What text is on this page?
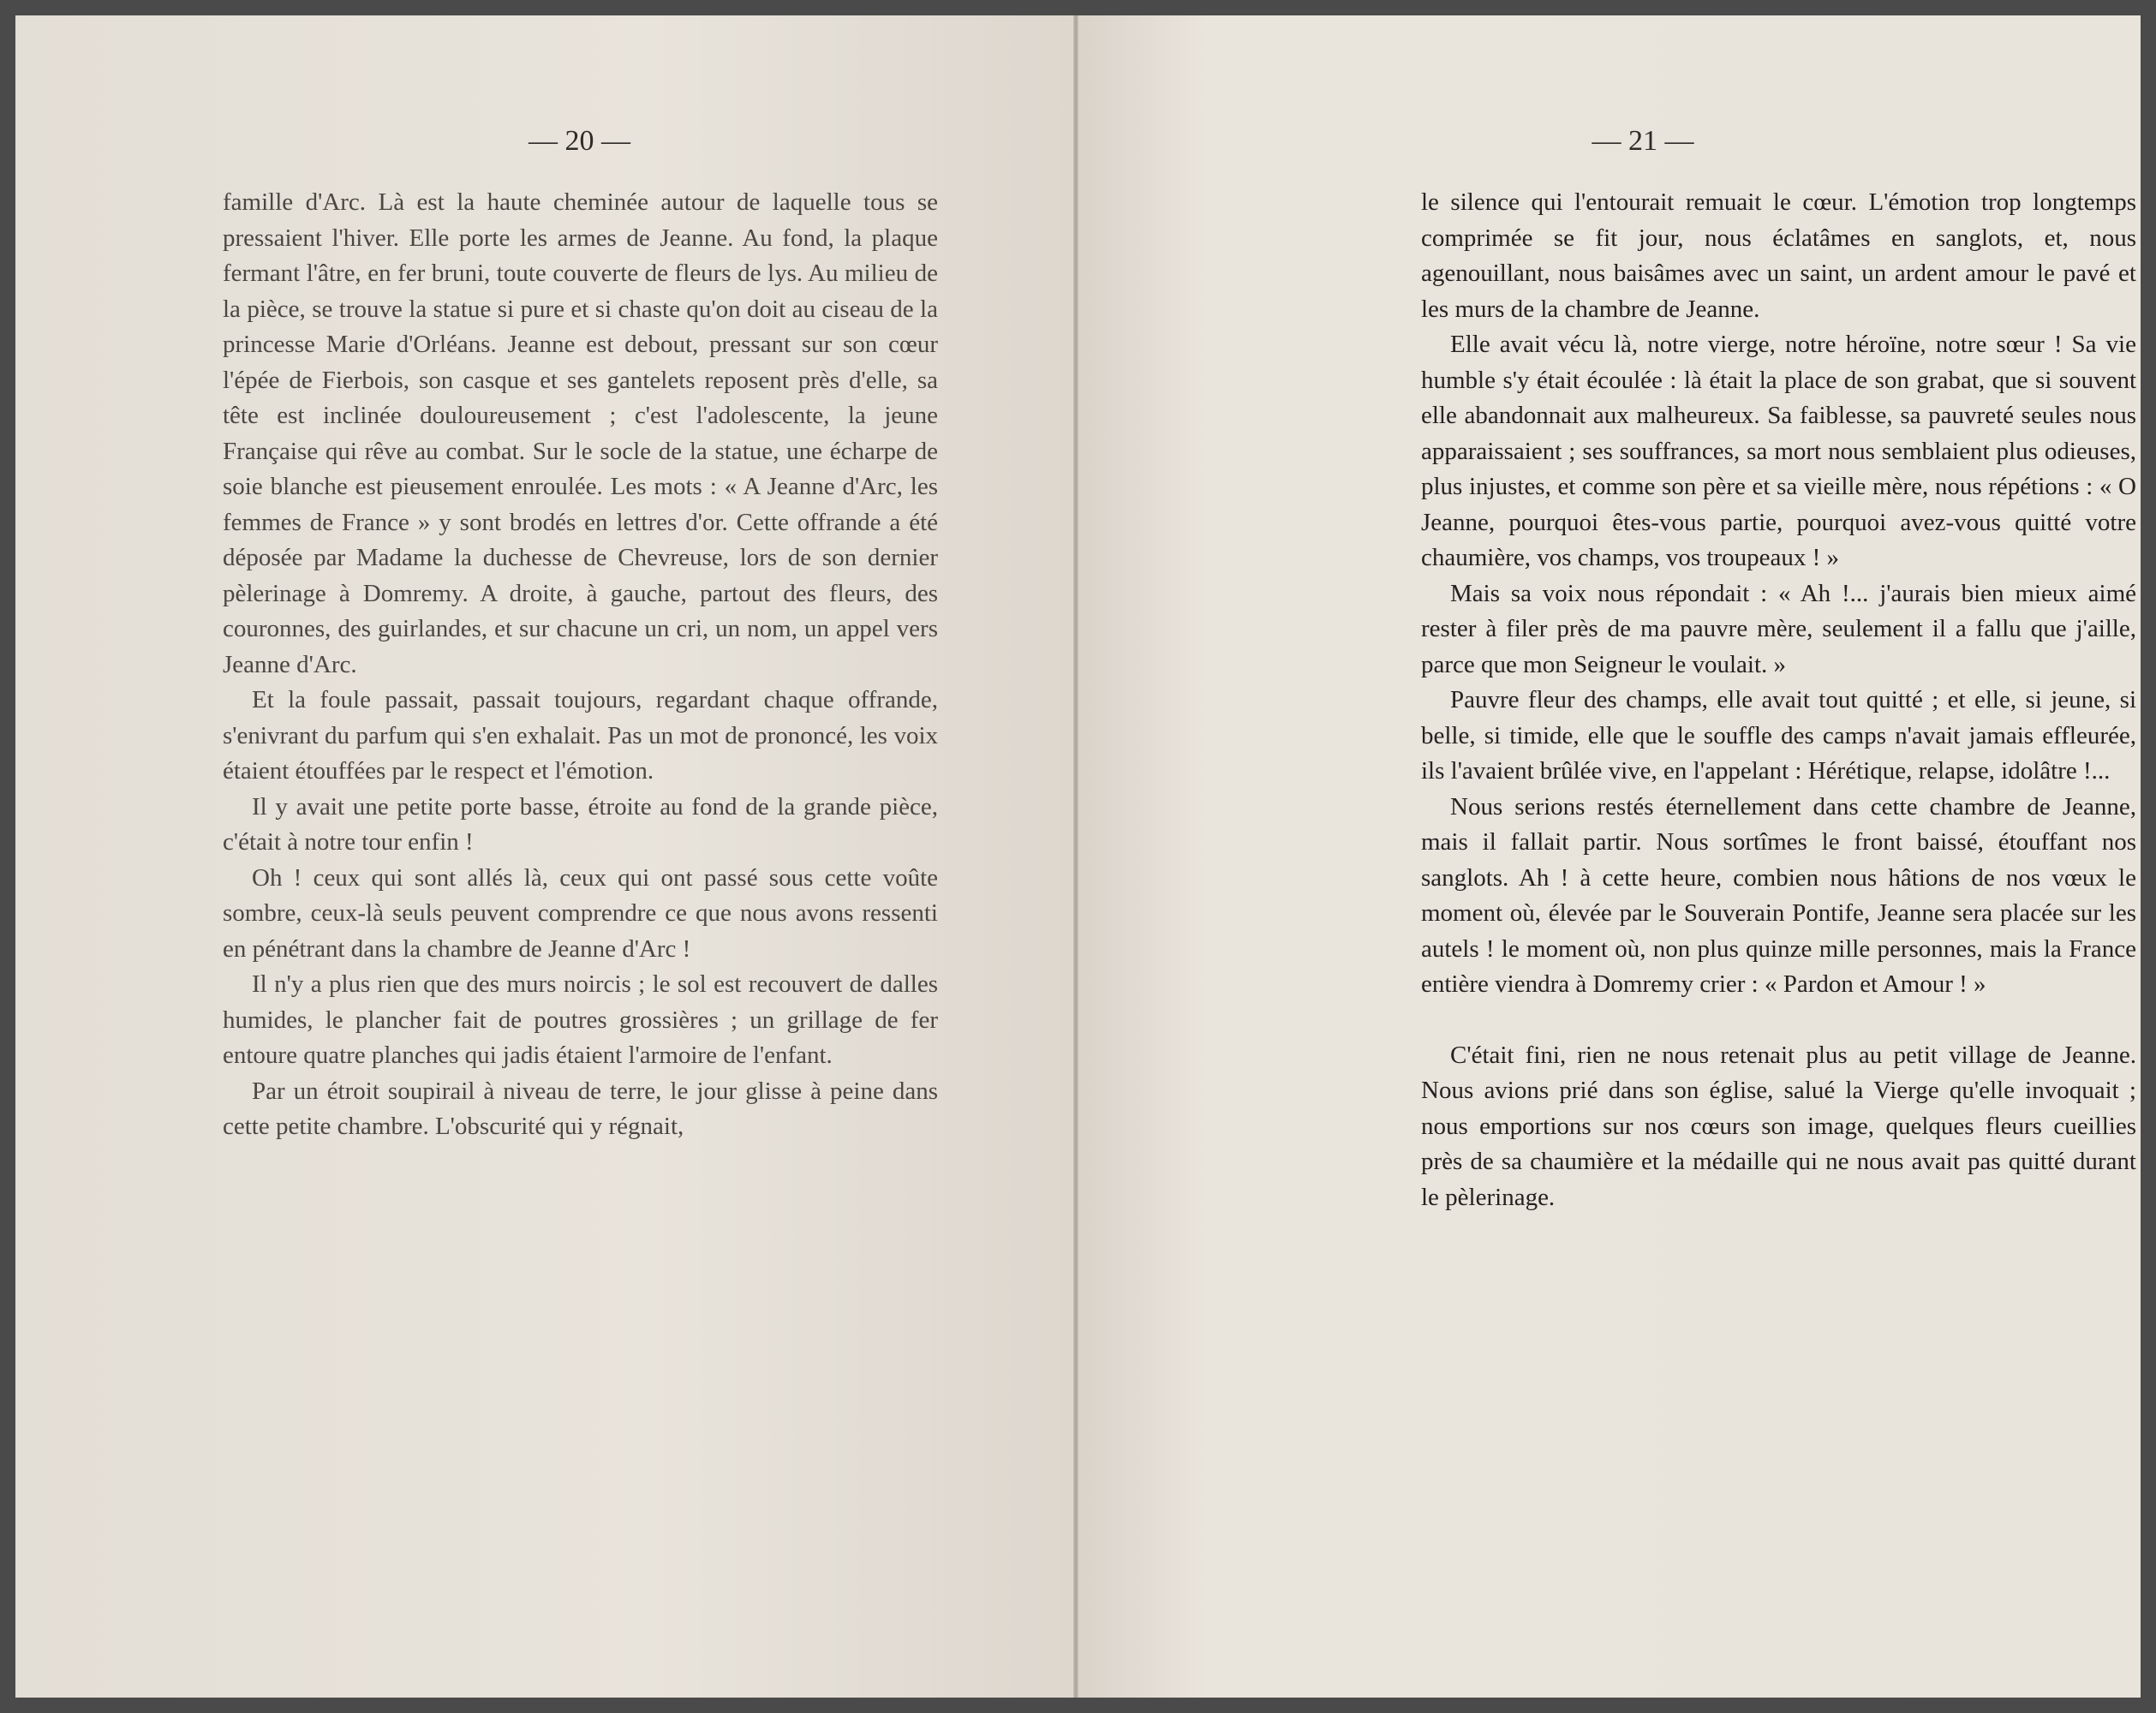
— 20 —

famille d'Arc. Là est la haute cheminée autour de laquelle tous se pressaient l'hiver. Elle porte les armes de Jeanne. Au fond, la plaque fermant l'âtre, en fer bruni, toute couverte de fleurs de lys. Au milieu de la pièce, se trouve la statue si pure et si chaste qu'on doit au ciseau de la princesse Marie d'Orléans. Jeanne est debout, pressant sur son cœur l'épée de Fierbois, son casque et ses gantelets reposent près d'elle, sa tête est inclinée douloureusement ; c'est l'adolescente, la jeune Française qui rêve au combat. Sur le socle de la statue, une écharpe de soie blanche est pieusement enroulée. Les mots : « A Jeanne d'Arc, les femmes de France » y sont brodés en lettres d'or. Cette offrande a été déposée par Madame la duchesse de Chevreuse, lors de son dernier pèlerinage à Domremy. A droite, à gauche, partout des fleurs, des couronnes, des guirlandes, et sur chacune un cri, un nom, un appel vers Jeanne d'Arc.

Et la foule passait, passait toujours, regardant chaque offrande, s'enivrant du parfum qui s'en exhalait. Pas un mot de prononcé, les voix étaient étouffées par le respect et l'émotion.

Il y avait une petite porte basse, étroite au fond de la grande pièce, c'était à notre tour enfin !

Oh ! ceux qui sont allés là, ceux qui ont passé sous cette voûte sombre, ceux-là seuls peuvent comprendre ce que nous avons ressenti en pénétrant dans la chambre de Jeanne d'Arc !

Il n'y a plus rien que des murs noircis ; le sol est recouvert de dalles humides, le plancher fait de poutres grossières ; un grillage de fer entoure quatre planches qui jadis étaient l'armoire de l'enfant.

Par un étroit soupirail à niveau de terre, le jour glisse à peine dans cette petite chambre. L'obscurité qui y régnait,

— 21 —

le silence qui l'entourait remuait le cœur. L'émotion trop longtemps comprimée se fit jour, nous éclatâmes en sanglots, et, nous agenouillant, nous baisâmes avec un saint, un ardent amour le pavé et les murs de la chambre de Jeanne.

Elle avait vécu là, notre vierge, notre héroïne, notre sœur ! Sa vie humble s'y était écoulée : là était la place de son grabat, que si souvent elle abandonnait aux malheureux. Sa faiblesse, sa pauvreté seules nous apparaissaient ; ses souffrances, sa mort nous semblaient plus odieuses, plus injustes, et comme son père et sa vieille mère, nous répétions : « O Jeanne, pourquoi êtes-vous partie, pourquoi avez-vous quitté votre chaumière, vos champs, vos troupeaux ! »

Mais sa voix nous répondait : « Ah !... j'aurais bien mieux aimé rester à filer près de ma pauvre mère, seulement il a fallu que j'aille, parce que mon Seigneur le voulait. »

Pauvre fleur des champs, elle avait tout quitté ; et elle, si jeune, si belle, si timide, elle que le souffle des camps n'avait jamais effleurée, ils l'avaient brûlée vive, en l'appelant : Hérétique, relapse, idolâtre !...

Nous serions restés éternellement dans cette chambre de Jeanne, mais il fallait partir. Nous sortîmes le front baissé, étouffant nos sanglots. Ah ! à cette heure, combien nous hâtions de nos vœux le moment où, élevée par le Souverain Pontife, Jeanne sera placée sur les autels ! le moment où, non plus quinze mille personnes, mais la France entière viendra à Domremy crier : « Pardon et Amour ! »

C'était fini, rien ne nous retenait plus au petit village de Jeanne. Nous avions prié dans son église, salué la Vierge qu'elle invoquait ; nous emportions sur nos cœurs son image, quelques fleurs cueillies près de sa chaumière et la médaille qui ne nous avait pas quitté durant le pèlerinage.
